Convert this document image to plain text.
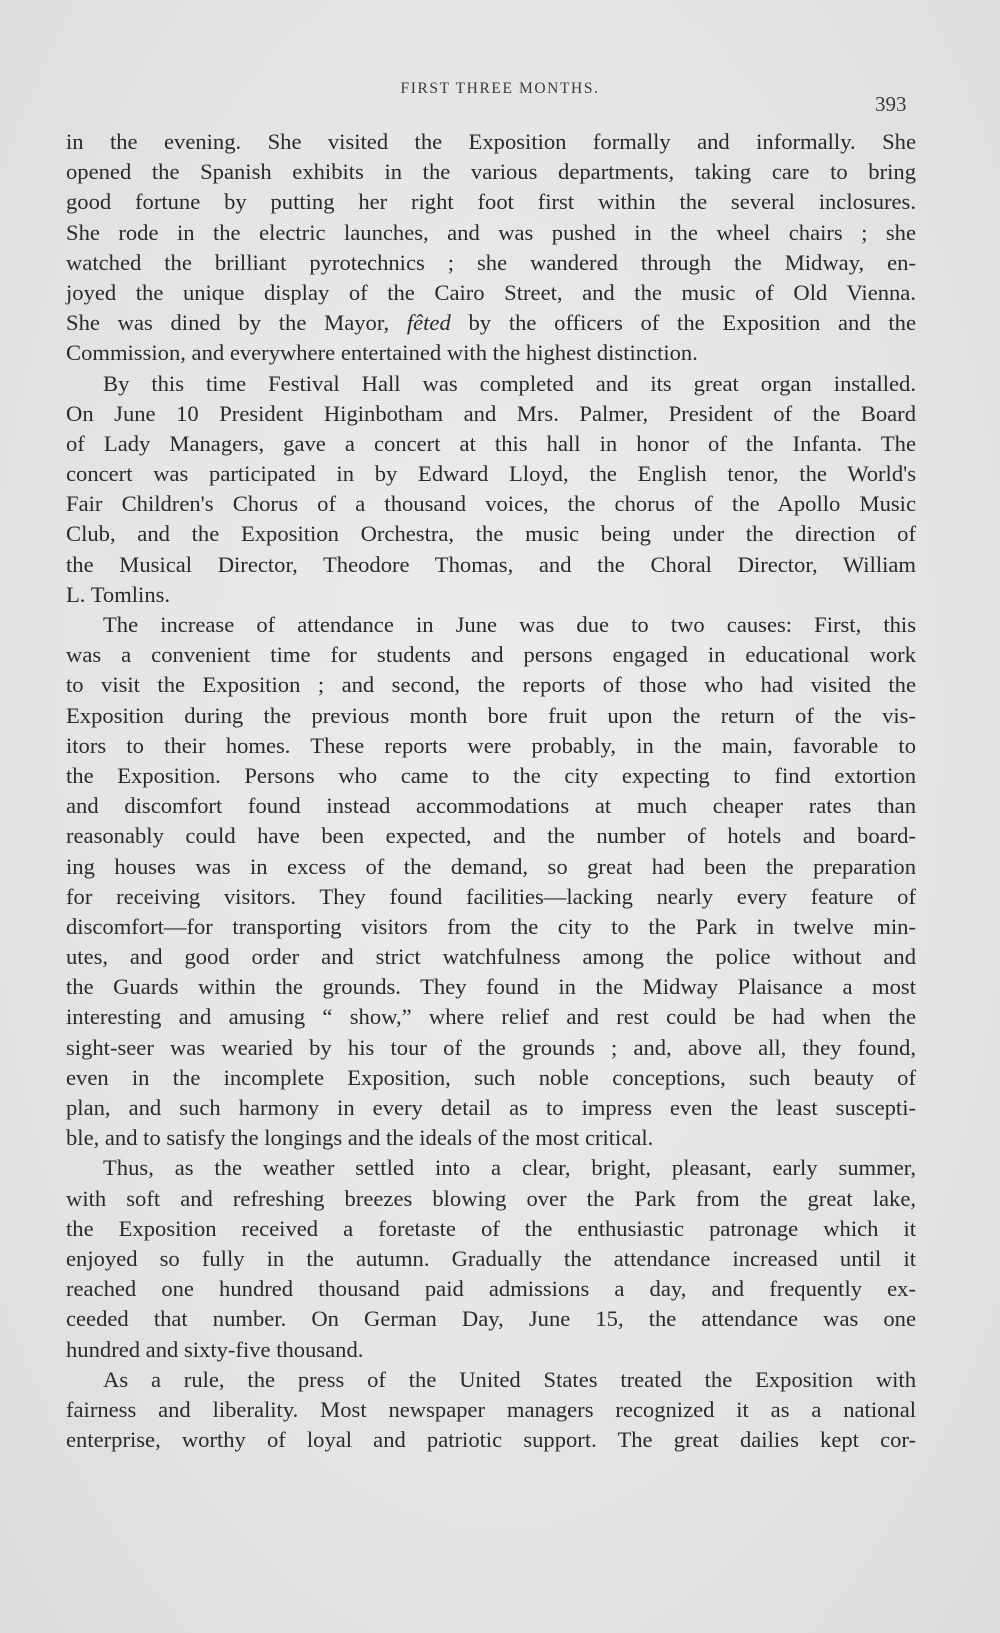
FIRST THREE MONTHS.
393
in the evening. She visited the Exposition formally and informally. She
opened the Spanish exhibits in the various departments, taking care to bring
good fortune by putting her right foot first within the several inclosures.
She rode in the electric launches, and was pushed in the wheel chairs ; she
watched the brilliant pyrotechnics ; she wandered through the Midway, en-
joyed the unique display of the Cairo Street, and the music of Old Vienna.
She was dined by the Mayor, fêted by the officers of the Exposition and the
Commission, and everywhere entertained with the highest distinction.
By this time Festival Hall was completed and its great organ installed.
On June 10 President Higinbotham and Mrs. Palmer, President of the Board
of Lady Managers, gave a concert at this hall in honor of the Infanta. The
concert was participated in by Edward Lloyd, the English tenor, the World's
Fair Children's Chorus of a thousand voices, the chorus of the Apollo Music
Club, and the Exposition Orchestra, the music being under the direction of
the Musical Director, Theodore Thomas, and the Choral Director, William
L. Tomlins.
The increase of attendance in June was due to two causes: First, this
was a convenient time for students and persons engaged in educational work
to visit the Exposition ; and second, the reports of those who had visited the
Exposition during the previous month bore fruit upon the return of the vis-
itors to their homes. These reports were probably, in the main, favorable to
the Exposition. Persons who came to the city expecting to find extortion
and discomfort found instead accommodations at much cheaper rates than
reasonably could have been expected, and the number of hotels and board-
ing houses was in excess of the demand, so great had been the preparation
for receiving visitors. They found facilities—lacking nearly every feature of
discomfort—for transporting visitors from the city to the Park in twelve min-
utes, and good order and strict watchfulness among the police without and
the Guards within the grounds. They found in the Midway Plaisance a most
interesting and amusing “ show,” where relief and rest could be had when the
sight-seer was wearied by his tour of the grounds ; and, above all, they found,
even in the incomplete Exposition, such noble conceptions, such beauty of
plan, and such harmony in every detail as to impress even the least suscepti-
ble, and to satisfy the longings and the ideals of the most critical.
Thus, as the weather settled into a clear, bright, pleasant, early summer,
with soft and refreshing breezes blowing over the Park from the great lake,
the Exposition received a foretaste of the enthusiastic patronage which it
enjoyed so fully in the autumn. Gradually the attendance increased until it
reached one hundred thousand paid admissions a day, and frequently ex-
ceeded that number. On German Day, June 15, the attendance was one
hundred and sixty-five thousand.
As a rule, the press of the United States treated the Exposition with
fairness and liberality. Most newspaper managers recognized it as a national
enterprise, worthy of loyal and patriotic support. The great dailies kept cor-
